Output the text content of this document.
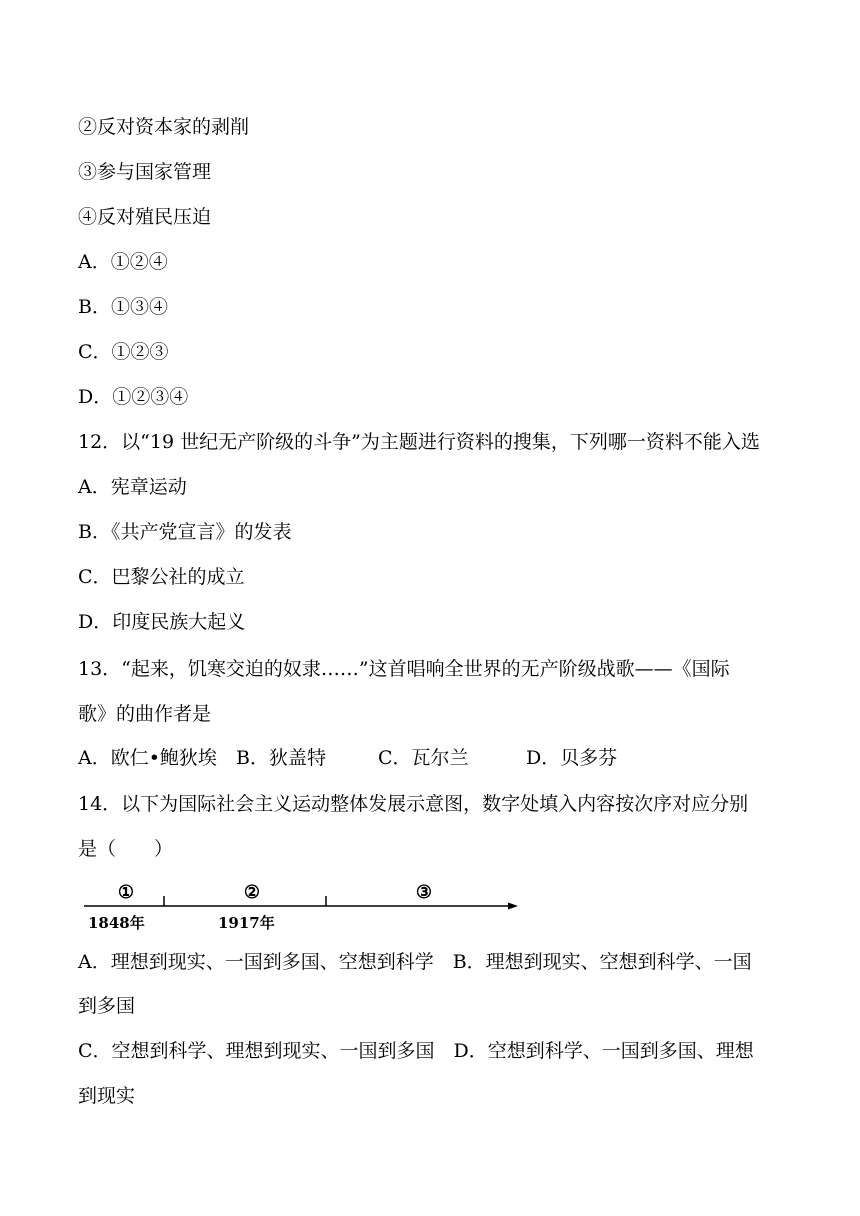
②反对资本家的剥削
③参与国家管理
④反对殖民压迫
A．①②④
B．①③④
C．①②③
D．①②③④
12．以“19 世纪无产阶级的斗争”为主题进行资料的搜集，下列哪一资料不能入选
A．宪章运动
B．《共产党宣言》的发表
C．巴黎公社的成立
D．印度民族大起义
13．“起来，饥寒交迫的奴隶……”这首唱响全世界的无产阶级战歌——《国际
歌》的曲作者是
A．欧仁•鲍狄埃 B．狄盖特	C．瓦尔兰	D．贝多芬
14．以下为国际社会主义运动整体发展示意图，数字处填入内容按次序对应分别
是（　　）
①	②	③
1848年	1917年
A．理想到现实、一国到多国、空想到科学　B．理想到现实、空想到科学、一国
到多国
C．空想到科学、理想到现实、一国到多国　D．空想到科学、一国到多国、理想
到现实
